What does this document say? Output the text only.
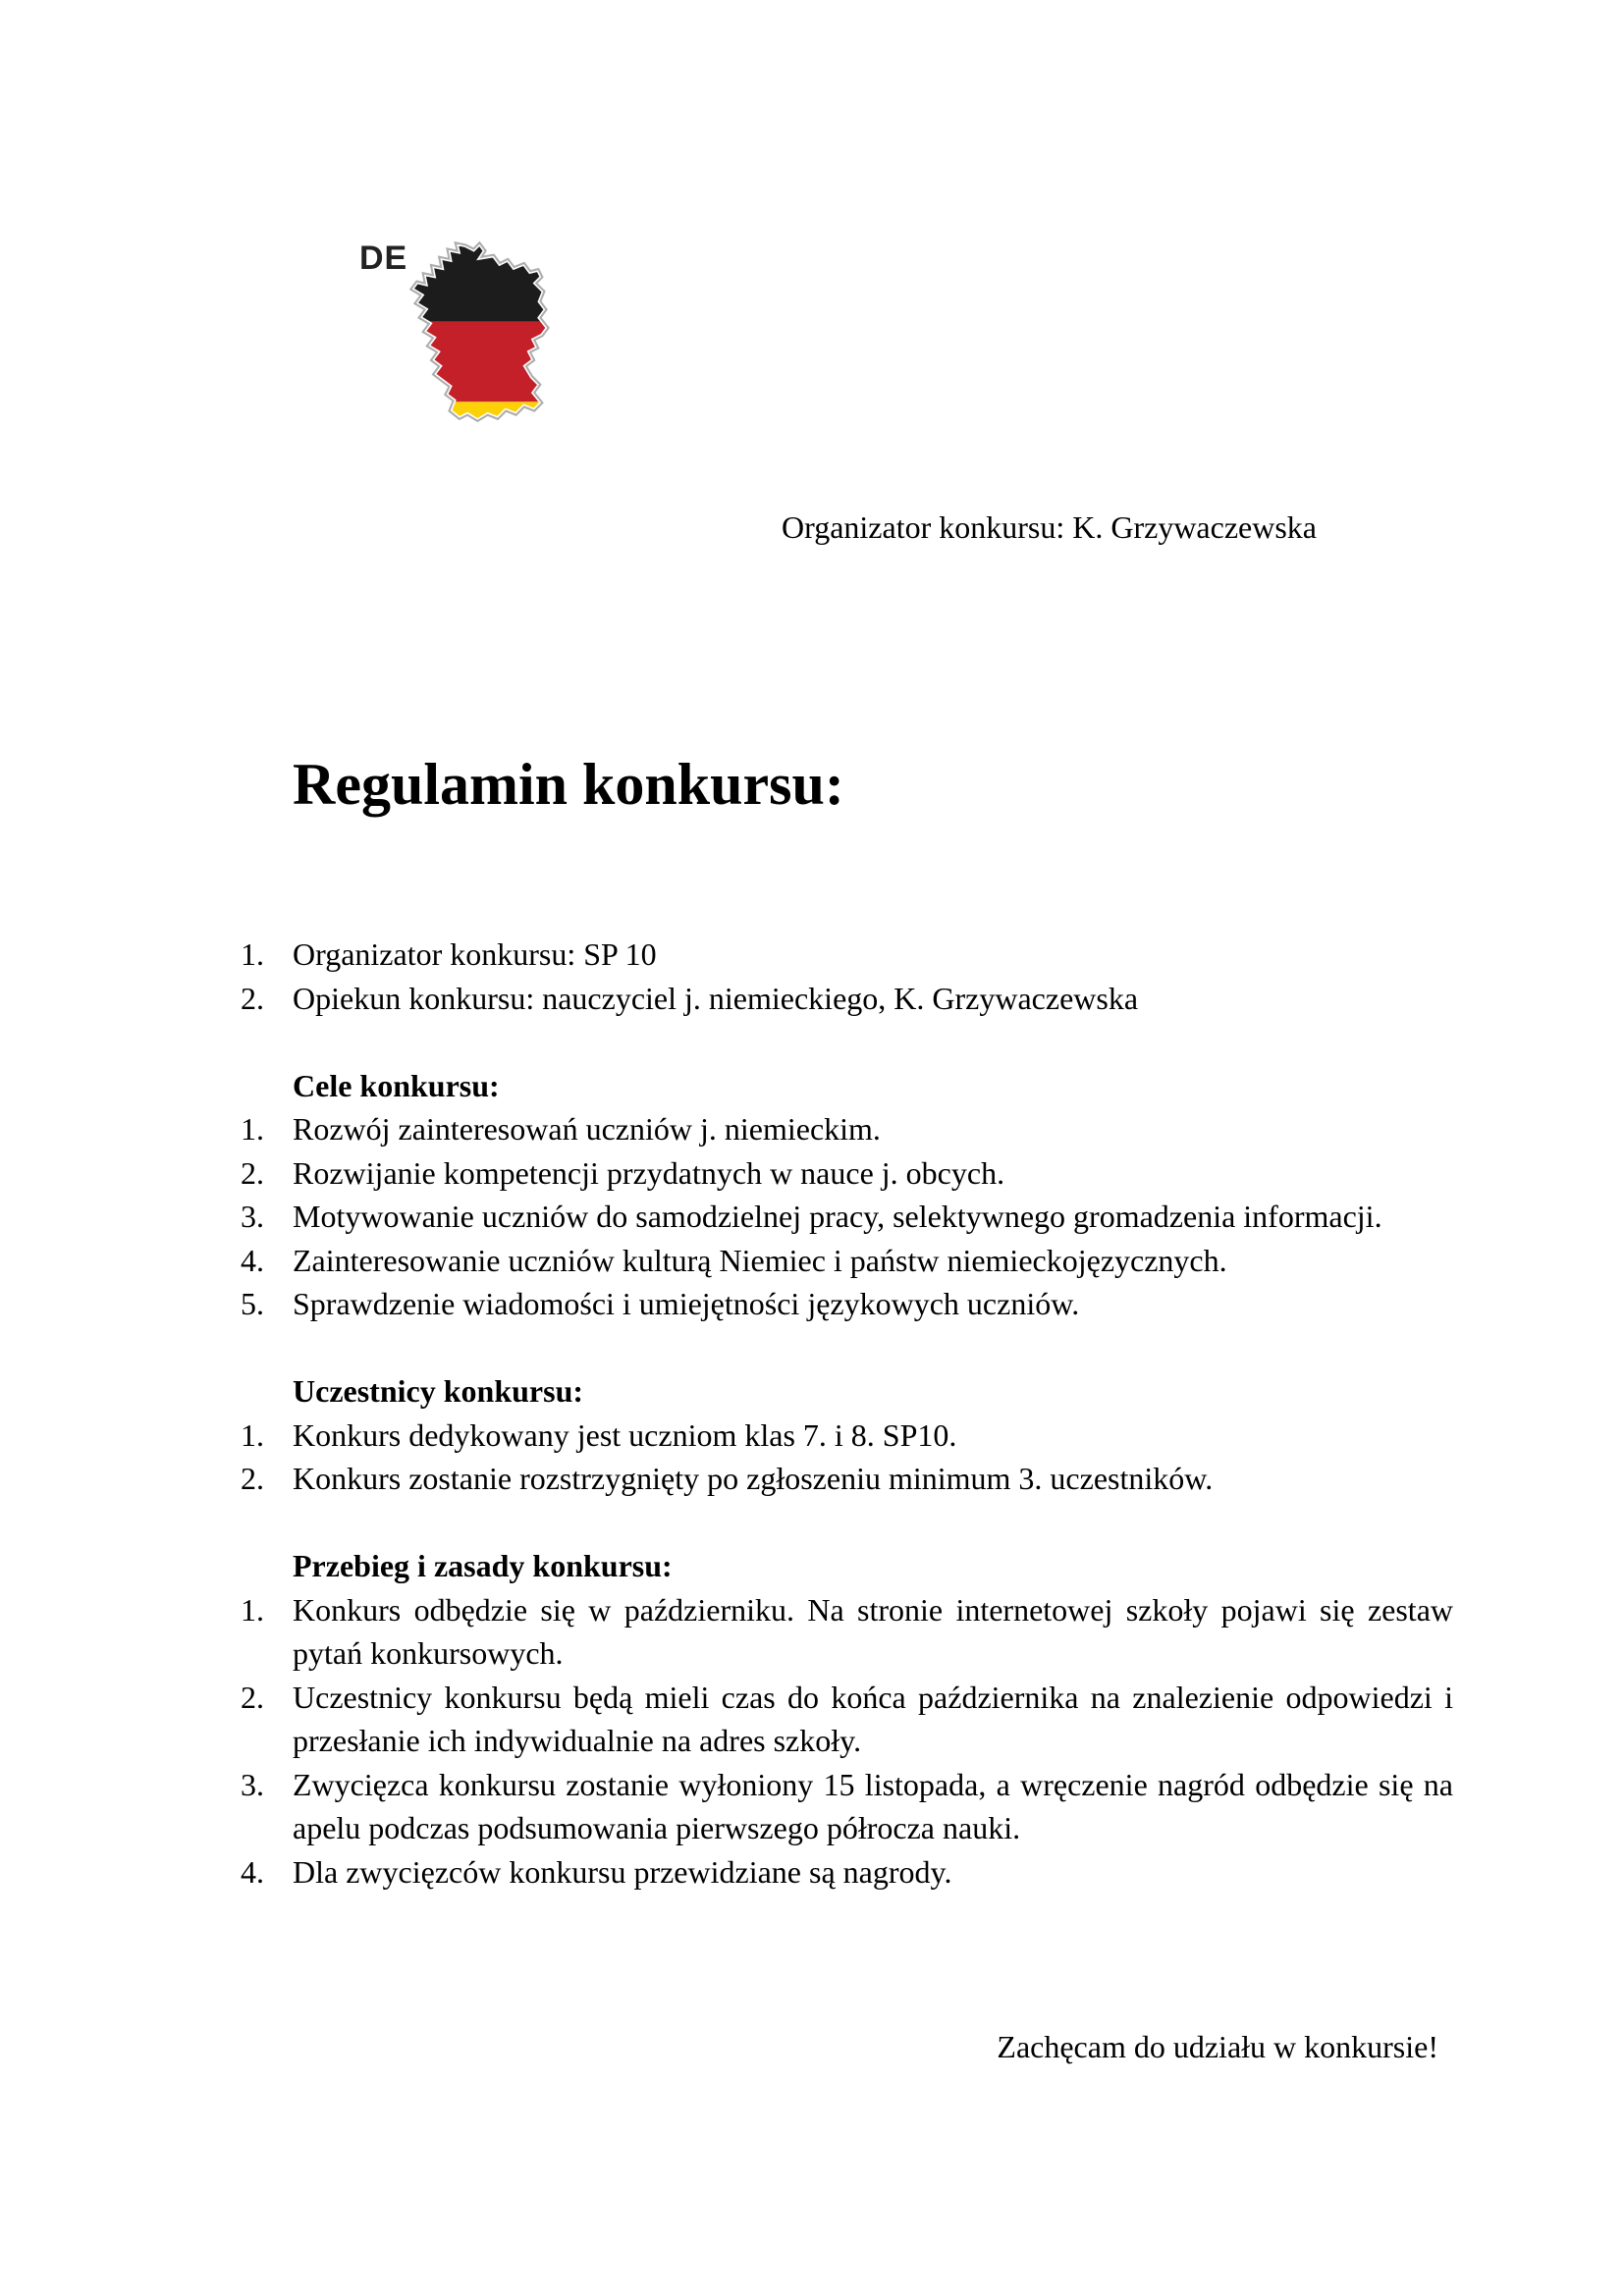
DE
Organizator konkursu: K. Grzywaczewska
Regulamin konkursu:
1. Organizator konkursu: SP 10
2. Opiekun konkursu: nauczyciel j. niemieckiego, K. Grzywaczewska
Cele konkursu:
1. Rozwój zainteresowań uczniów j. niemieckim.
2. Rozwijanie kompetencji przydatnych w nauce j. obcych.
3. Motywowanie uczniów do samodzielnej pracy, selektywnego gromadzenia informacji.
4. Zainteresowanie uczniów kulturą Niemiec i państw niemieckojęzycznych.
5. Sprawdzenie wiadomości i umiejętności językowych uczniów.
Uczestnicy konkursu:
1. Konkurs dedykowany jest uczniom klas 7. i 8. SP10.
2. Konkurs zostanie rozstrzygnięty po zgłoszeniu minimum 3. uczestników.
Przebieg i zasady konkursu:
1. Konkurs odbędzie się w październiku. Na stronie internetowej szkoły pojawi się zestaw pytań konkursowych.
2. Uczestnicy konkursu będą mieli czas do końca października na znalezienie odpowiedzi i przesłanie ich indywidualnie na adres szkoły.
3. Zwycięzca konkursu zostanie wyłoniony 15 listopada, a wręczenie nagród odbędzie się na apelu podczas podsumowania pierwszego półrocza nauki.
4. Dla zwycięzców konkursu przewidziane są nagrody.
Zachęcam do udziału w konkursie!
